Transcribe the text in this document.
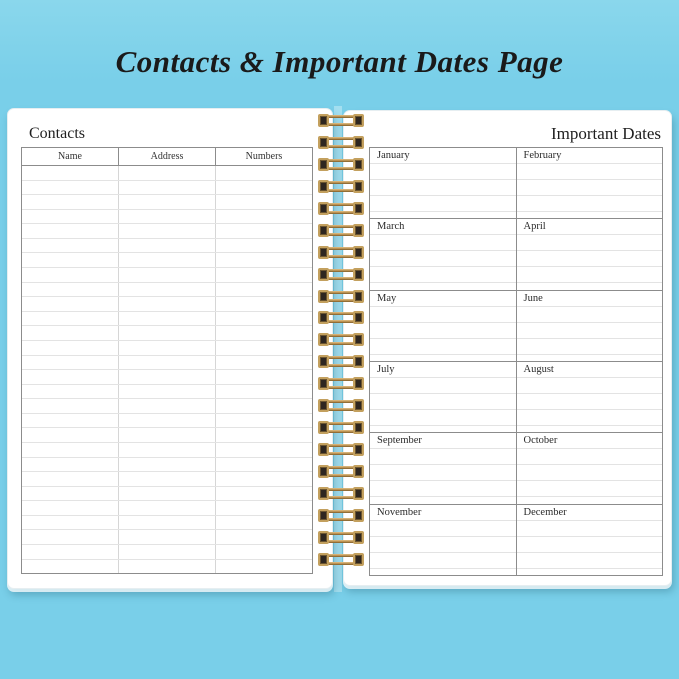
Contacts & Important Dates Page
Contacts
Name	Address	Numbers
Important Dates
January	February
March	April
May	June
July	August
September	October
November	December
